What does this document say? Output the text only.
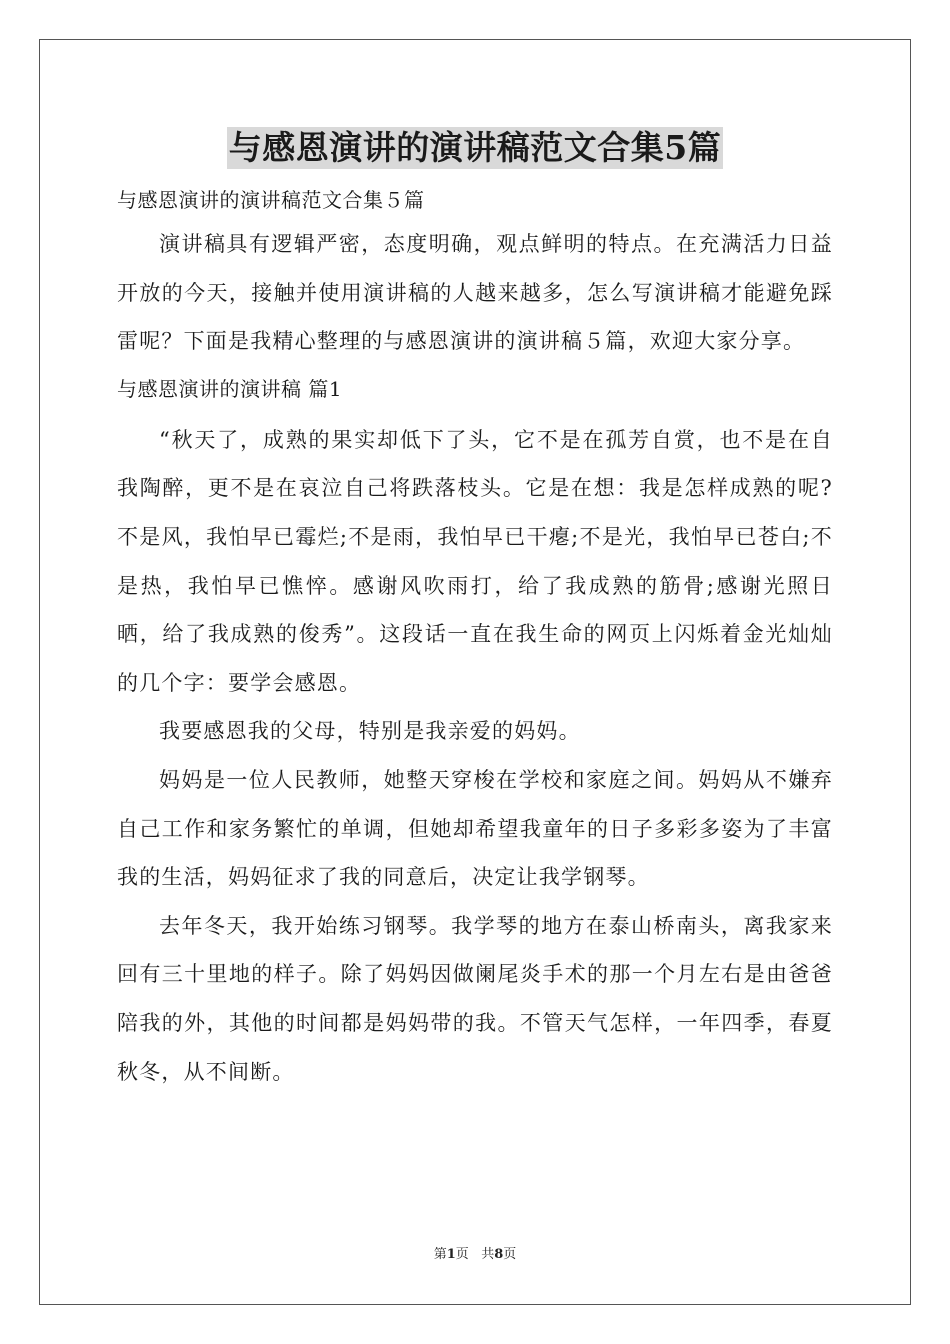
与感恩演讲的演讲稿范文合集5篇

与感恩演讲的演讲稿范文合集５篇

演讲稿具有逻辑严密，态度明确，观点鲜明的特点。在充满活力日益开放的今天，接触并使用演讲稿的人越来越多，怎么写演讲稿才能避免踩雷呢？下面是我精心整理的与感恩演讲的演讲稿５篇，欢迎大家分享。

与感恩演讲的演讲稿 篇1

“秋天了，成熟的果实却低下了头，它不是在孤芳自赏，也不是在自我陶醉，更不是在哀泣自己将跌落枝头。它是在想：我是怎样成熟的呢?不是风，我怕早已霉烂;不是雨，我怕早已干瘪;不是光，我怕早已苍白;不是热，我怕早已憔悴。感谢风吹雨打，给了我成熟的筋骨;感谢光照日晒，给了我成熟的俊秀”。这段话一直在我生命的网页上闪烁着金光灿灿的几个字：要学会感恩。

我要感恩我的父母，特别是我亲爱的妈妈。

妈妈是一位人民教师，她整天穿梭在学校和家庭之间。妈妈从不嫌弃自己工作和家务繁忙的单调，但她却希望我童年的日子多彩多姿为了丰富我的生活，妈妈征求了我的同意后，决定让我学钢琴。

去年冬天，我开始练习钢琴。我学琴的地方在泰山桥南头，离我家来回有三十里地的样子。除了妈妈因做阑尾炎手术的那一个月左右是由爸爸陪我的外，其他的时间都是妈妈带的我。不管天气怎样，一年四季，春夏秋冬，从不间断。

第1页 共8页
